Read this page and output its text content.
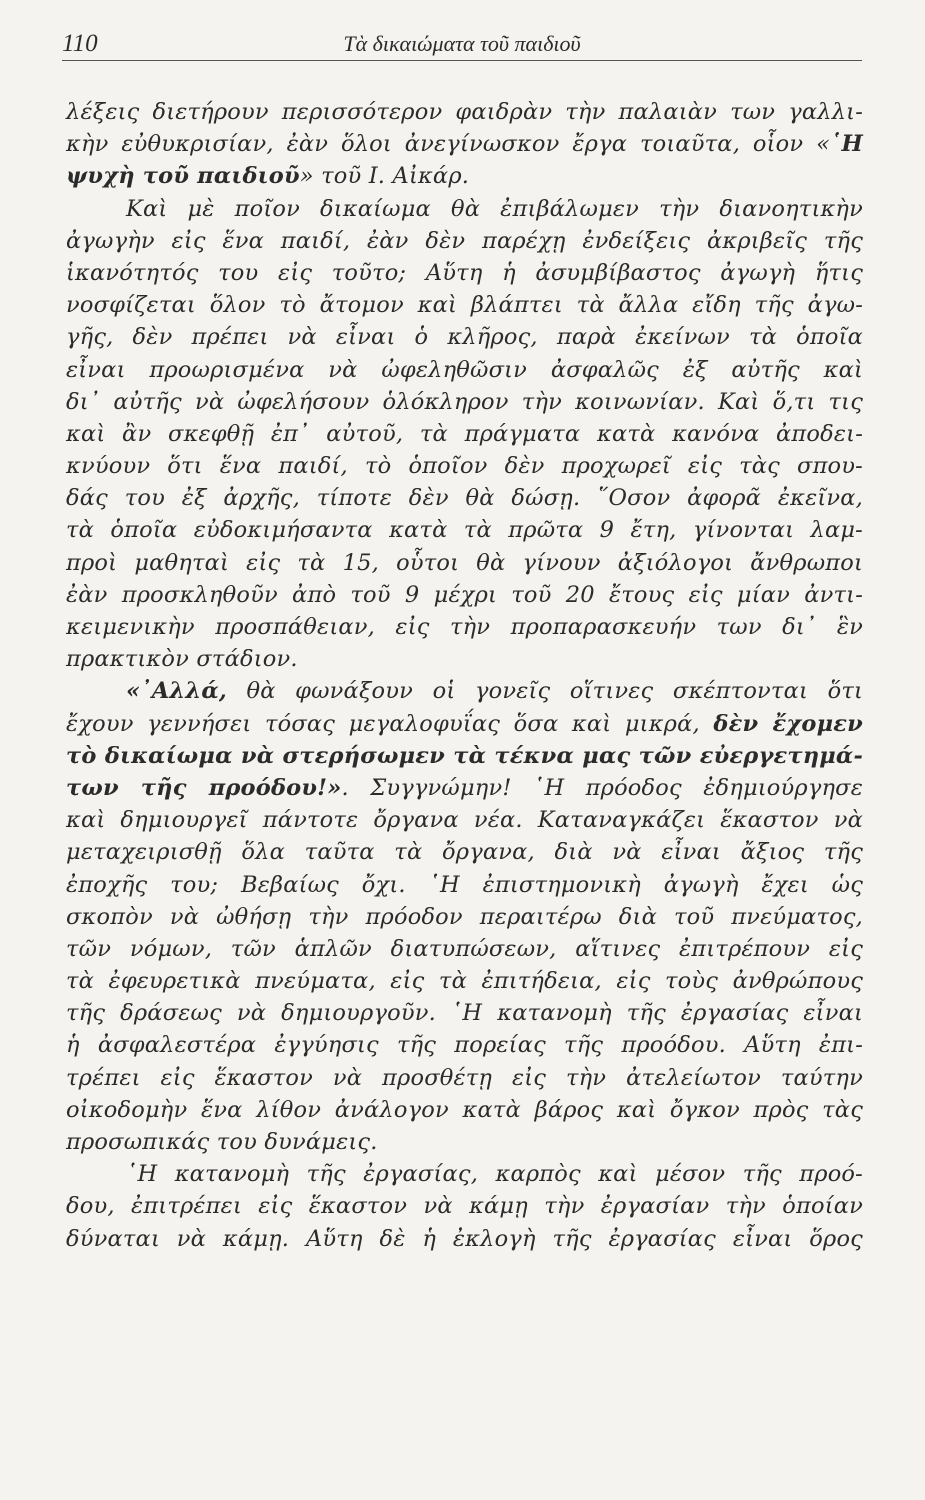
110	Τὰ δικαιώματα τοῦ παιδιοῦ
λέξεις διετήρουν περισσότερον φαιδρὰν τὴν παλαιὰν των γαλλι-
κὴν εὐθυκρισίαν, ἐὰν ὅλοι ἀνεγίνωσκον ἔργα τοιαῦτα, οἷον «῾Η
ψυχὴ τοῦ παιδιοῦ» τοῦ Ι. Αἰκάρ.
Καὶ μὲ ποῖον δικαίωμα θὰ ἐπιβάλωμεν τὴν διανοητικὴν
ἀγωγὴν εἰς ἕνα παιδί, ἐὰν δὲν παρέχῃ ἐνδείξεις ἀκριβεῖς τῆς
ἱκανότητός του εἰς τοῦτο; Αὕτη ἡ ἀσυμβίβαστος ἀγωγὴ ἥτις
νοσφίζεται ὅλον τὸ ἄτομον καὶ βλάπτει τὰ ἄλλα εἴδη τῆς ἀγω-
γῆς, δὲν πρέπει νὰ εἶναι ὁ κλῆρος, παρὰ ἐκείνων τὰ ὁποῖα
εἶναι προωρισμένα νὰ ὠφεληθῶσιν ἀσφαλῶς ἐξ αὐτῆς καὶ
δι᾿ αὐτῆς νὰ ὠφελήσουν ὁλόκληρον τὴν κοινωνίαν. Καὶ ὅ,τι τις
καὶ ἂν σκεφθῇ ἐπ᾿ αὐτοῦ, τὰ πράγματα κατὰ κανόνα ἀποδει-
κνύουν ὅτι ἕνα παιδί, τὸ ὁποῖον δὲν προχωρεῖ εἰς τὰς σπου-
δάς του ἐξ ἀρχῆς, τίποτε δὲν θὰ δώσῃ. ῞Οσον ἀφορᾶ ἐκεῖνα,
τὰ ὁποῖα εὐδοκιμήσαντα κατὰ τὰ πρῶτα 9 ἔτη, γίνονται λαμ-
προὶ μαθηταὶ εἰς τὰ 15, οὗτοι θὰ γίνουν ἀξιόλογοι ἄνθρωποι
ἐὰν προσκληθοῦν ἀπὸ τοῦ 9 μέχρι τοῦ 20 ἔτους εἰς μίαν ἀντι-
κειμενικὴν προσπάθειαν, εἰς τὴν προπαρασκευήν των δι᾿ ἓν
πρακτικὸν στάδιον.
«᾿Αλλά, θὰ φωνάξουν οἱ γονεῖς οἵτινες σκέπτονται ὅτι
ἔχουν γεννήσει τόσας μεγαλοφυΐας ὅσα καὶ μικρά, δὲν ἔχομεν
τὸ δικαίωμα νὰ στερήσωμεν τὰ τέκνα μας τῶν εὐεργετημά-
των τῆς προόδου!». Συγγνώμην! ῾Η πρόοδος ἐδημιούργησε
καὶ δημιουργεῖ πάντοτε ὄργανα νέα. Καταναγκάζει ἕκαστον νὰ
μεταχειρισθῇ ὅλα ταῦτα τὰ ὄργανα, διὰ νὰ εἶναι ἄξιος τῆς
ἐποχῆς του; Βεβαίως ὄχι. ῾Η ἐπιστημονικὴ ἀγωγὴ ἔχει ὡς
σκοπὸν νὰ ὠθήσῃ τὴν πρόοδον περαιτέρω διὰ τοῦ πνεύματος,
τῶν νόμων, τῶν ἁπλῶν διατυπώσεων, αἵτινες ἐπιτρέπουν εἰς
τὰ ἐφευρετικὰ πνεύματα, εἰς τὰ ἐπιτήδεια, εἰς τοὺς ἀνθρώπους
τῆς δράσεως νὰ δημιουργοῦν. ῾Η κατανομὴ τῆς ἐργασίας εἶναι
ἡ ἀσφαλεστέρα ἐγγύησις τῆς πορείας τῆς προόδου. Αὕτη ἐπι-
τρέπει εἰς ἕκαστον νὰ προσθέτῃ εἰς τὴν ἀτελείωτον ταύτην
οἰκοδομὴν ἕνα λίθον ἀνάλογον κατὰ βάρος καὶ ὄγκον πρὸς τὰς
προσωπικάς του δυνάμεις.
῾Η κατανομὴ τῆς ἐργασίας, καρπὸς καὶ μέσον τῆς προό-
δου, ἐπιτρέπει εἰς ἕκαστον νὰ κάμῃ τὴν ἐργασίαν τὴν ὁποίαν
δύναται νὰ κάμῃ. Αὕτη δὲ ἡ ἐκλογὴ τῆς ἐργασίας εἶναι ὅρος
